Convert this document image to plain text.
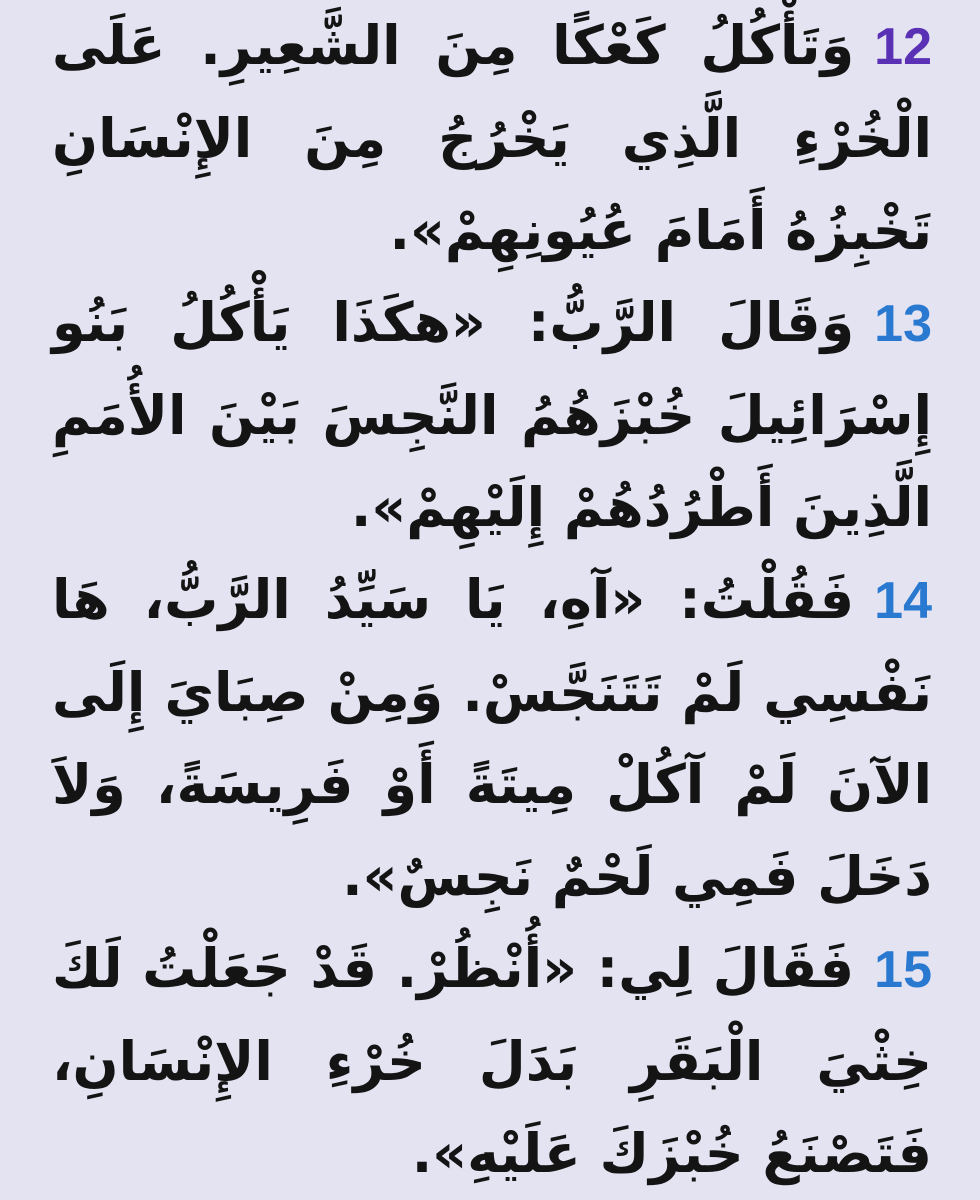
12وَتَأْكُلُ كَعْكًا مِنَ الشَّعِيرِ. عَلَى الْخُرْءِ الَّذِي يَخْرُجُ مِنَ الإِنْسَانِ تَخْبِزُهُ أَمَامَ عُيُونِهِمْ».

13وَقَالَ الرَّبُّ: «هكَذَا يَأْكُلُ بَنُو إِسْرَائِيلَ خُبْزَهُمُ النَّجِسَ بَيْنَ الأُمَمِ الَّذِينَ أَطْرُدُهُمْ إِلَيْهِمْ».

14فَقُلْتُ: «آهِ، يَا سَيِّدُ الرَّبُّ، هَا نَفْسِي لَمْ تَتَنَجَّسْ. وَمِنْ صِبَايَ إِلَى الآنَ لَمْ آكُلْ مِيتَةً أَوْ فَرِيسَةً، وَلاَ دَخَلَ فَمِي لَحْمٌ نَجِسٌ».

15فَقَالَ لِي: «أُنْظُرْ. قَدْ جَعَلْتُ لَكَ خِثْيَ الْبَقَرِ بَدَلَ خُرْءِ الإِنْسَانِ، فَتَصْنَعُ خُبْزَكَ عَلَيْهِ».
